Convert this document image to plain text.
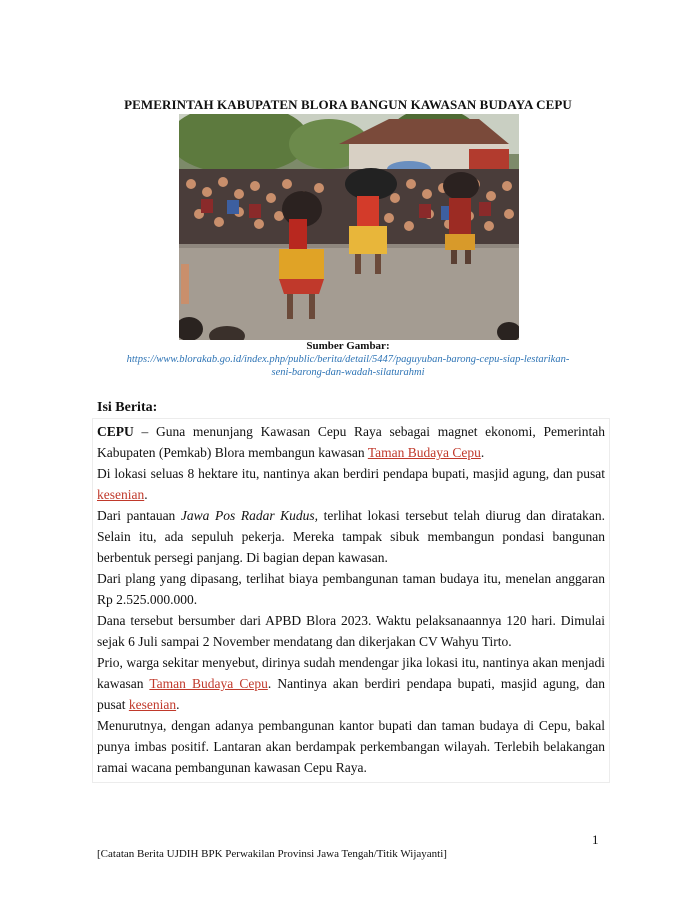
PEMERINTAH KABUPATEN BLORA BANGUN KAWASAN BUDAYA CEPU
Sumber Gambar:
https://www.blorakab.go.id/index.php/public/berita/detail/5447/paguyuban-barong-cepu-siap-lestarikan-
seni-barong-dan-wadah-silaturahmi
Isi Berita:

CEPU – Guna menunjang Kawasan Cepu Raya sebagai magnet ekonomi, Pemerintah Kabupaten (Pemkab) Blora membangun kawasan Taman Budaya Cepu.

Di lokasi seluas 8 hektare itu, nantinya akan berdiri pendapa bupati, masjid agung, dan pusat kesenian.

Dari pantauan Jawa Pos Radar Kudus, terlihat lokasi tersebut telah diurug dan diratakan. Selain itu, ada sepuluh pekerja. Mereka tampak sibuk membangun pondasi bangunan berbentuk persegi panjang. Di bagian depan kawasan.

Dari plang yang dipasang, terlihat biaya pembangunan taman budaya itu, menelan anggaran Rp 2.525.000.000.

Dana tersebut bersumber dari APBD Blora 2023. Waktu pelaksanaannya 120 hari. Dimulai sejak 6 Juli sampai 2 November mendatang dan dikerjakan CV Wahyu Tirto.

Prio, warga sekitar menyebut, dirinya sudah mendengar jika lokasi itu, nantinya akan menjadi kawasan Taman Budaya Cepu. Nantinya akan berdiri pendapa bupati, masjid agung, dan pusat kesenian.

Menurutnya, dengan adanya pembangunan kantor bupati dan taman budaya di Cepu, bakal punya imbas positif. Lantaran akan berdampak perkembangan wilayah. Terlebih belakangan ramai wacana pembangunan kawasan Cepu Raya.

1
[Catatan Berita UJDIH BPK Perwakilan Provinsi Jawa Tengah/Titik Wijayanti]
